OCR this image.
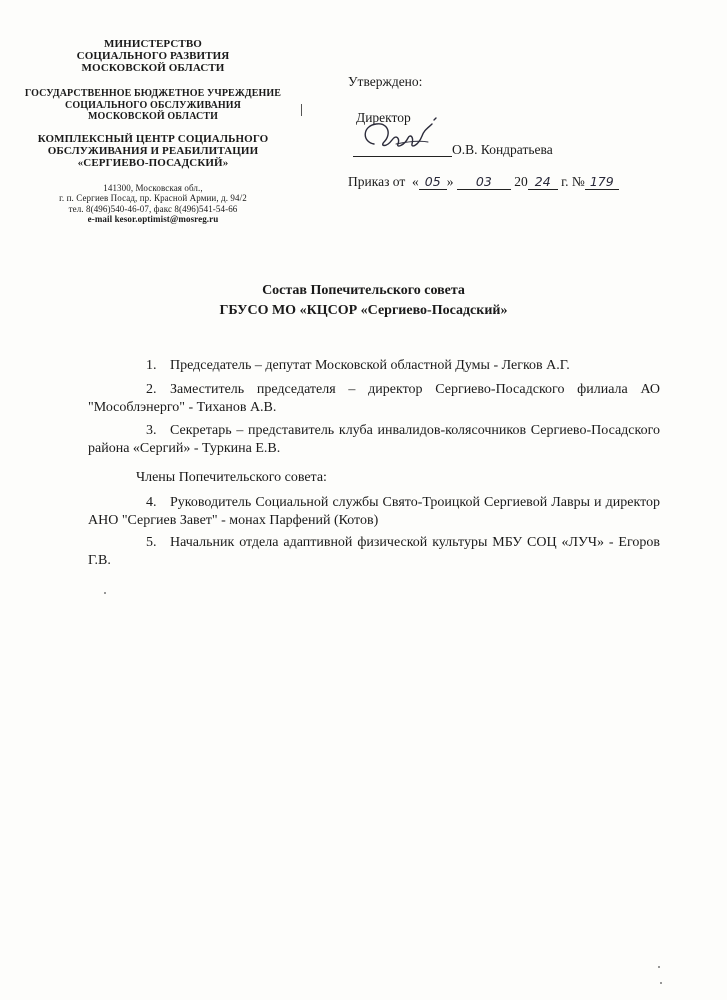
МИНИСТЕРСТВО
СОЦИАЛЬНОГО РАЗВИТИЯ
МОСКОВСКОЙ ОБЛАСТИ
ГОСУДАРСТВЕННОЕ БЮДЖЕТНОЕ УЧРЕЖДЕНИЕ
СОЦИАЛЬНОГО ОБСЛУЖИВАНИЯ
МОСКОВСКОЙ ОБЛАСТИ
КОМПЛЕКСНЫЙ ЦЕНТР СОЦИАЛЬНОГО
ОБСЛУЖИВАНИЯ И РЕАБИЛИТАЦИИ
«СЕРГИЕВО-ПОСАДСКИЙ»
141300, Московская обл.,
г. п. Сергиев Посад, пр. Красной Армии, д. 94/2
тел. 8(496)540-46-07, факс 8(496)541-54-66
e-mail kesor.optimist@mosreg.ru
Утверждено:
Директор
О.В. Кондратьева
Приказ от « 05 » 03 20 24 г. № 179
Состав Попечительского совета
ГБУСО МО «КЦСОР «Сергиево-Посадский»
1. Председатель – депутат Московской областной Думы - Легков А.Г.
2. Заместитель председателя – директор Сергиево-Посадского филиала АО "Мособлэнерго" - Тиханов А.В.
3. Секретарь – представитель клуба инвалидов-колясочников Сергиево-Посадского района «Сергий» - Туркина Е.В.
Члены Попечительского совета:
4. Руководитель Социальной службы Свято-Троицкой Сергиевой Лавры и директор АНО "Сергиев Завет" - монах Парфений (Котов)
5. Начальник отдела адаптивной физической культуры МБУ СОЦ «ЛУЧ» - Егоров Г.В.
